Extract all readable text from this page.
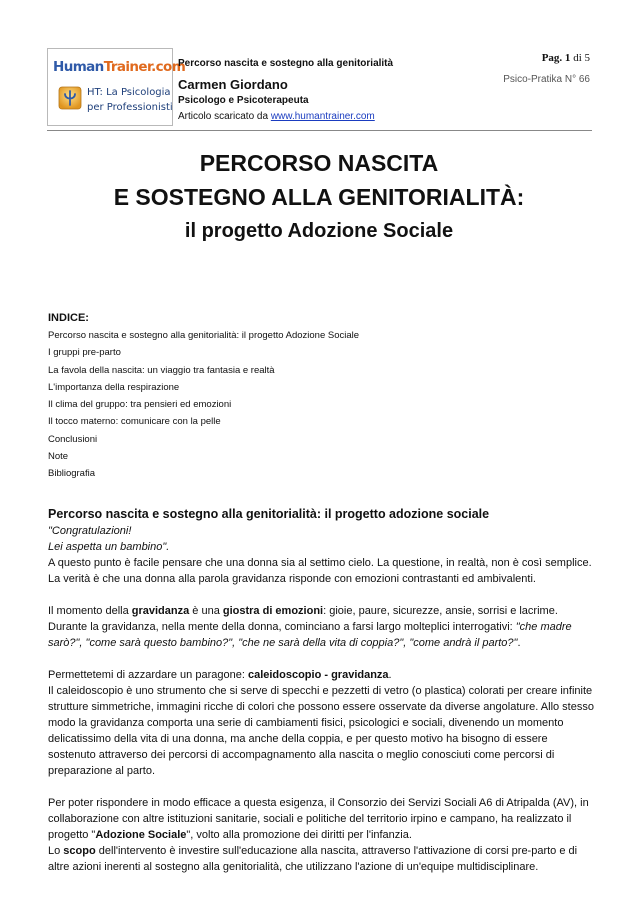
HumanTrainer.com
HT: La Psicologia
per Professionisti
Percorso nascita e sostegno alla genitorialità
Carmen Giordano
Psicologo e Psicoterapeuta
Articolo scaricato da www.humantrainer.com
Pag. 1 di 5
Psico-Pratika N° 66
PERCORSO NASCITA
E SOSTEGNO ALLA GENITORIALITÀ:
il progetto Adozione Sociale
INDICE:
Percorso nascita e sostegno alla genitorialità: il progetto Adozione Sociale
I gruppi pre-parto
La favola della nascita: un viaggio tra fantasia e realtà
L'importanza della respirazione
Il clima del gruppo: tra pensieri ed emozioni
Il tocco materno: comunicare con la pelle
Conclusioni
Note
Bibliografia
Percorso nascita e sostegno alla genitorialità: il progetto adozione sociale

"Congratulazioni!
Lei aspetta un bambino".
A questo punto è facile pensare che una donna sia al settimo cielo. La questione, in realtà, non è così semplice. La verità è che una donna alla parola gravidanza risponde con emozioni contrastanti ed ambivalenti.

Il momento della gravidanza è una giostra di emozioni: gioie, paure, sicurezze, ansie, sorrisi e lacrime.
Durante la gravidanza, nella mente della donna, cominciano a farsi largo molteplici interrogativi: "che madre sarò?", "come sarà questo bambino?", "che ne sarà della vita di coppia?", "come andrà il parto?".

Permettetemi di azzardare un paragone: caleidoscopio - gravidanza.
Il caleidoscopio è uno strumento che si serve di specchi e pezzetti di vetro (o plastica) colorati per creare infinite strutture simmetriche, immagini ricche di colori che possono essere osservate da diverse angolature. Allo stesso modo la gravidanza comporta una serie di cambiamenti fisici, psicologici e sociali, divenendo un momento delicatissimo della vita di una donna, ma anche della coppia, e per questo motivo ha bisogno di essere sostenuto attraverso dei percorsi di accompagnamento alla nascita o meglio conosciuti come percorsi di preparazione al parto.

Per poter rispondere in modo efficace a questa esigenza, il Consorzio dei Servizi Sociali A6 di Atripalda (AV), in collaborazione con altre istituzioni sanitarie, sociali e politiche del territorio irpino e campano, ha realizzato il progetto "Adozione Sociale", volto alla promozione dei diritti per l'infanzia.
Lo scopo dell'intervento è investire sull'educazione alla nascita, attraverso l'attivazione di corsi pre-parto e di altre azioni inerenti al sostegno alla genitorialità, che utilizzano l'azione di un'equipe multidisciplinare.
